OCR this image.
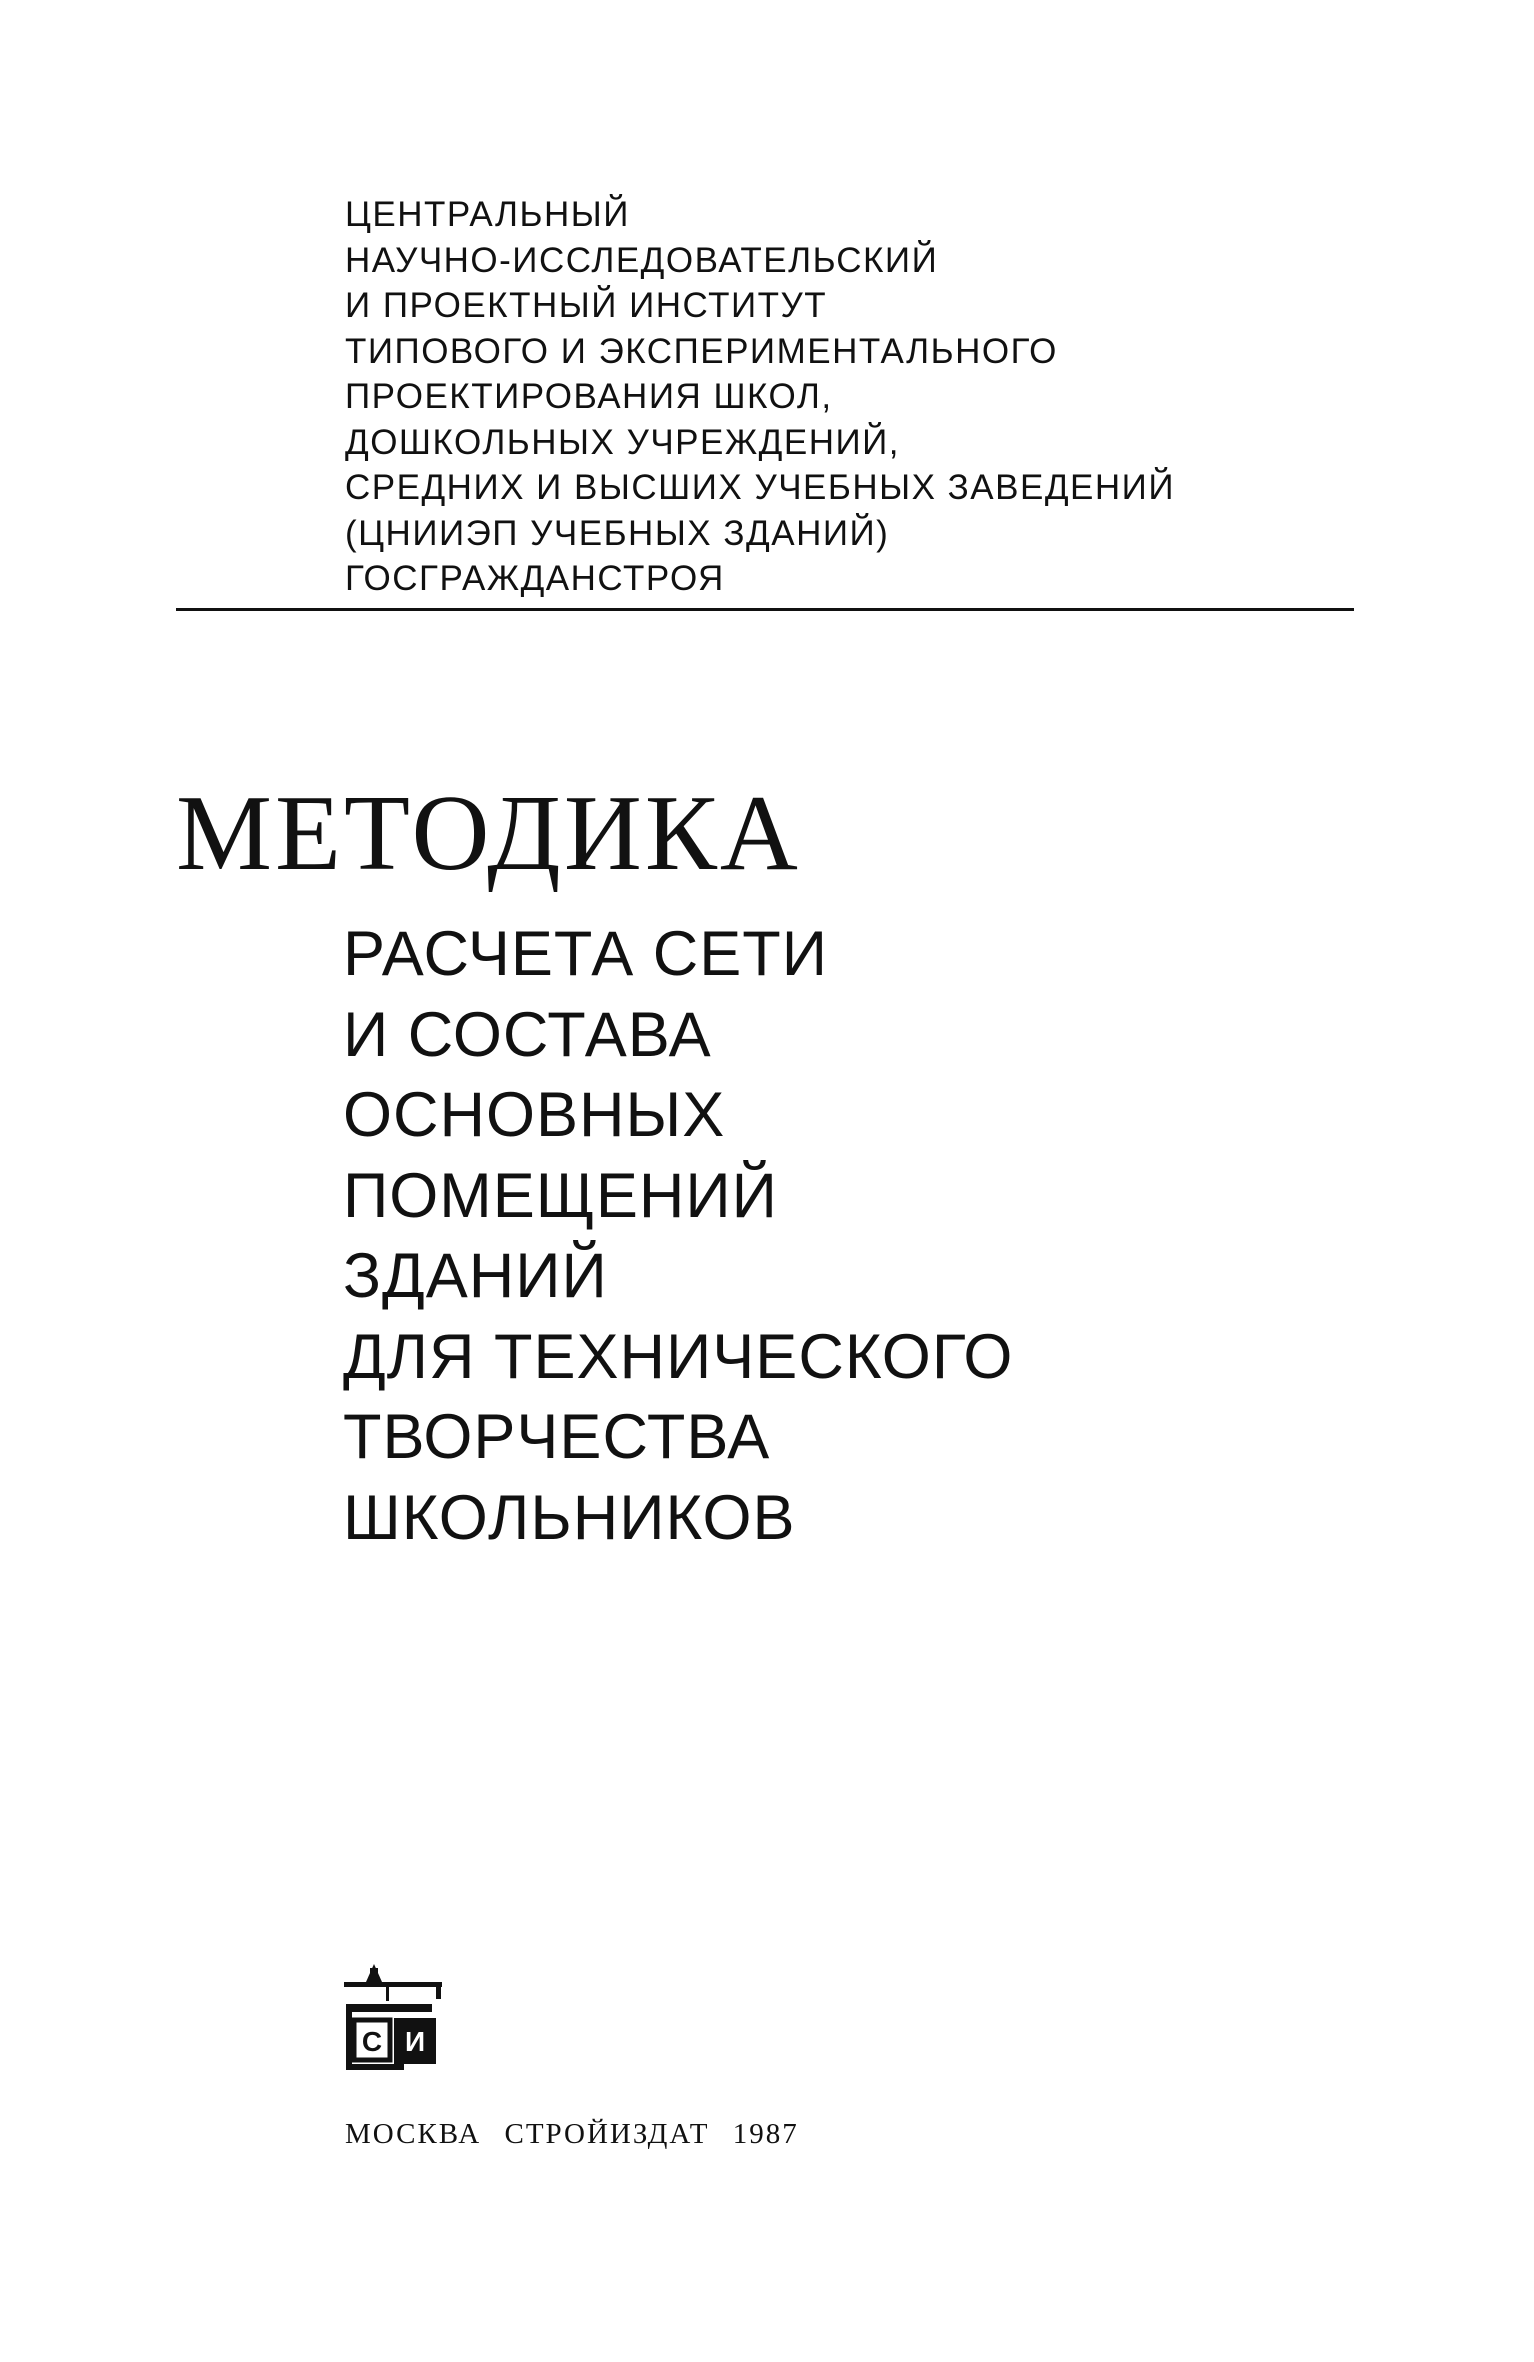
ЦЕНТРАЛЬНЫЙ
НАУЧНО-ИССЛЕДОВАТЕЛЬСКИЙ
И ПРОЕКТНЫЙ ИНСТИТУТ
ТИПОВОГО И ЭКСПЕРИМЕНТАЛЬНОГО
ПРОЕКТИРОВАНИЯ ШКОЛ,
ДОШКОЛЬНЫХ УЧРЕЖДЕНИЙ,
СРЕДНИХ И ВЫСШИХ УЧЕБНЫХ ЗАВЕДЕНИЙ
(ЦНИИЭП УЧЕБНЫХ ЗДАНИЙ)
ГОСГРАЖДАНСТРОЯ
МЕТОДИКА
РАСЧЕТА СЕТИ
И СОСТАВА
ОСНОВНЫХ
ПОМЕЩЕНИЙ
ЗДАНИЙ
ДЛЯ ТЕХНИЧЕСКОГО
ТВОРЧЕСТВА
ШКОЛЬНИКОВ
С И
МОСКВА СТРОЙИЗДАТ 1987
